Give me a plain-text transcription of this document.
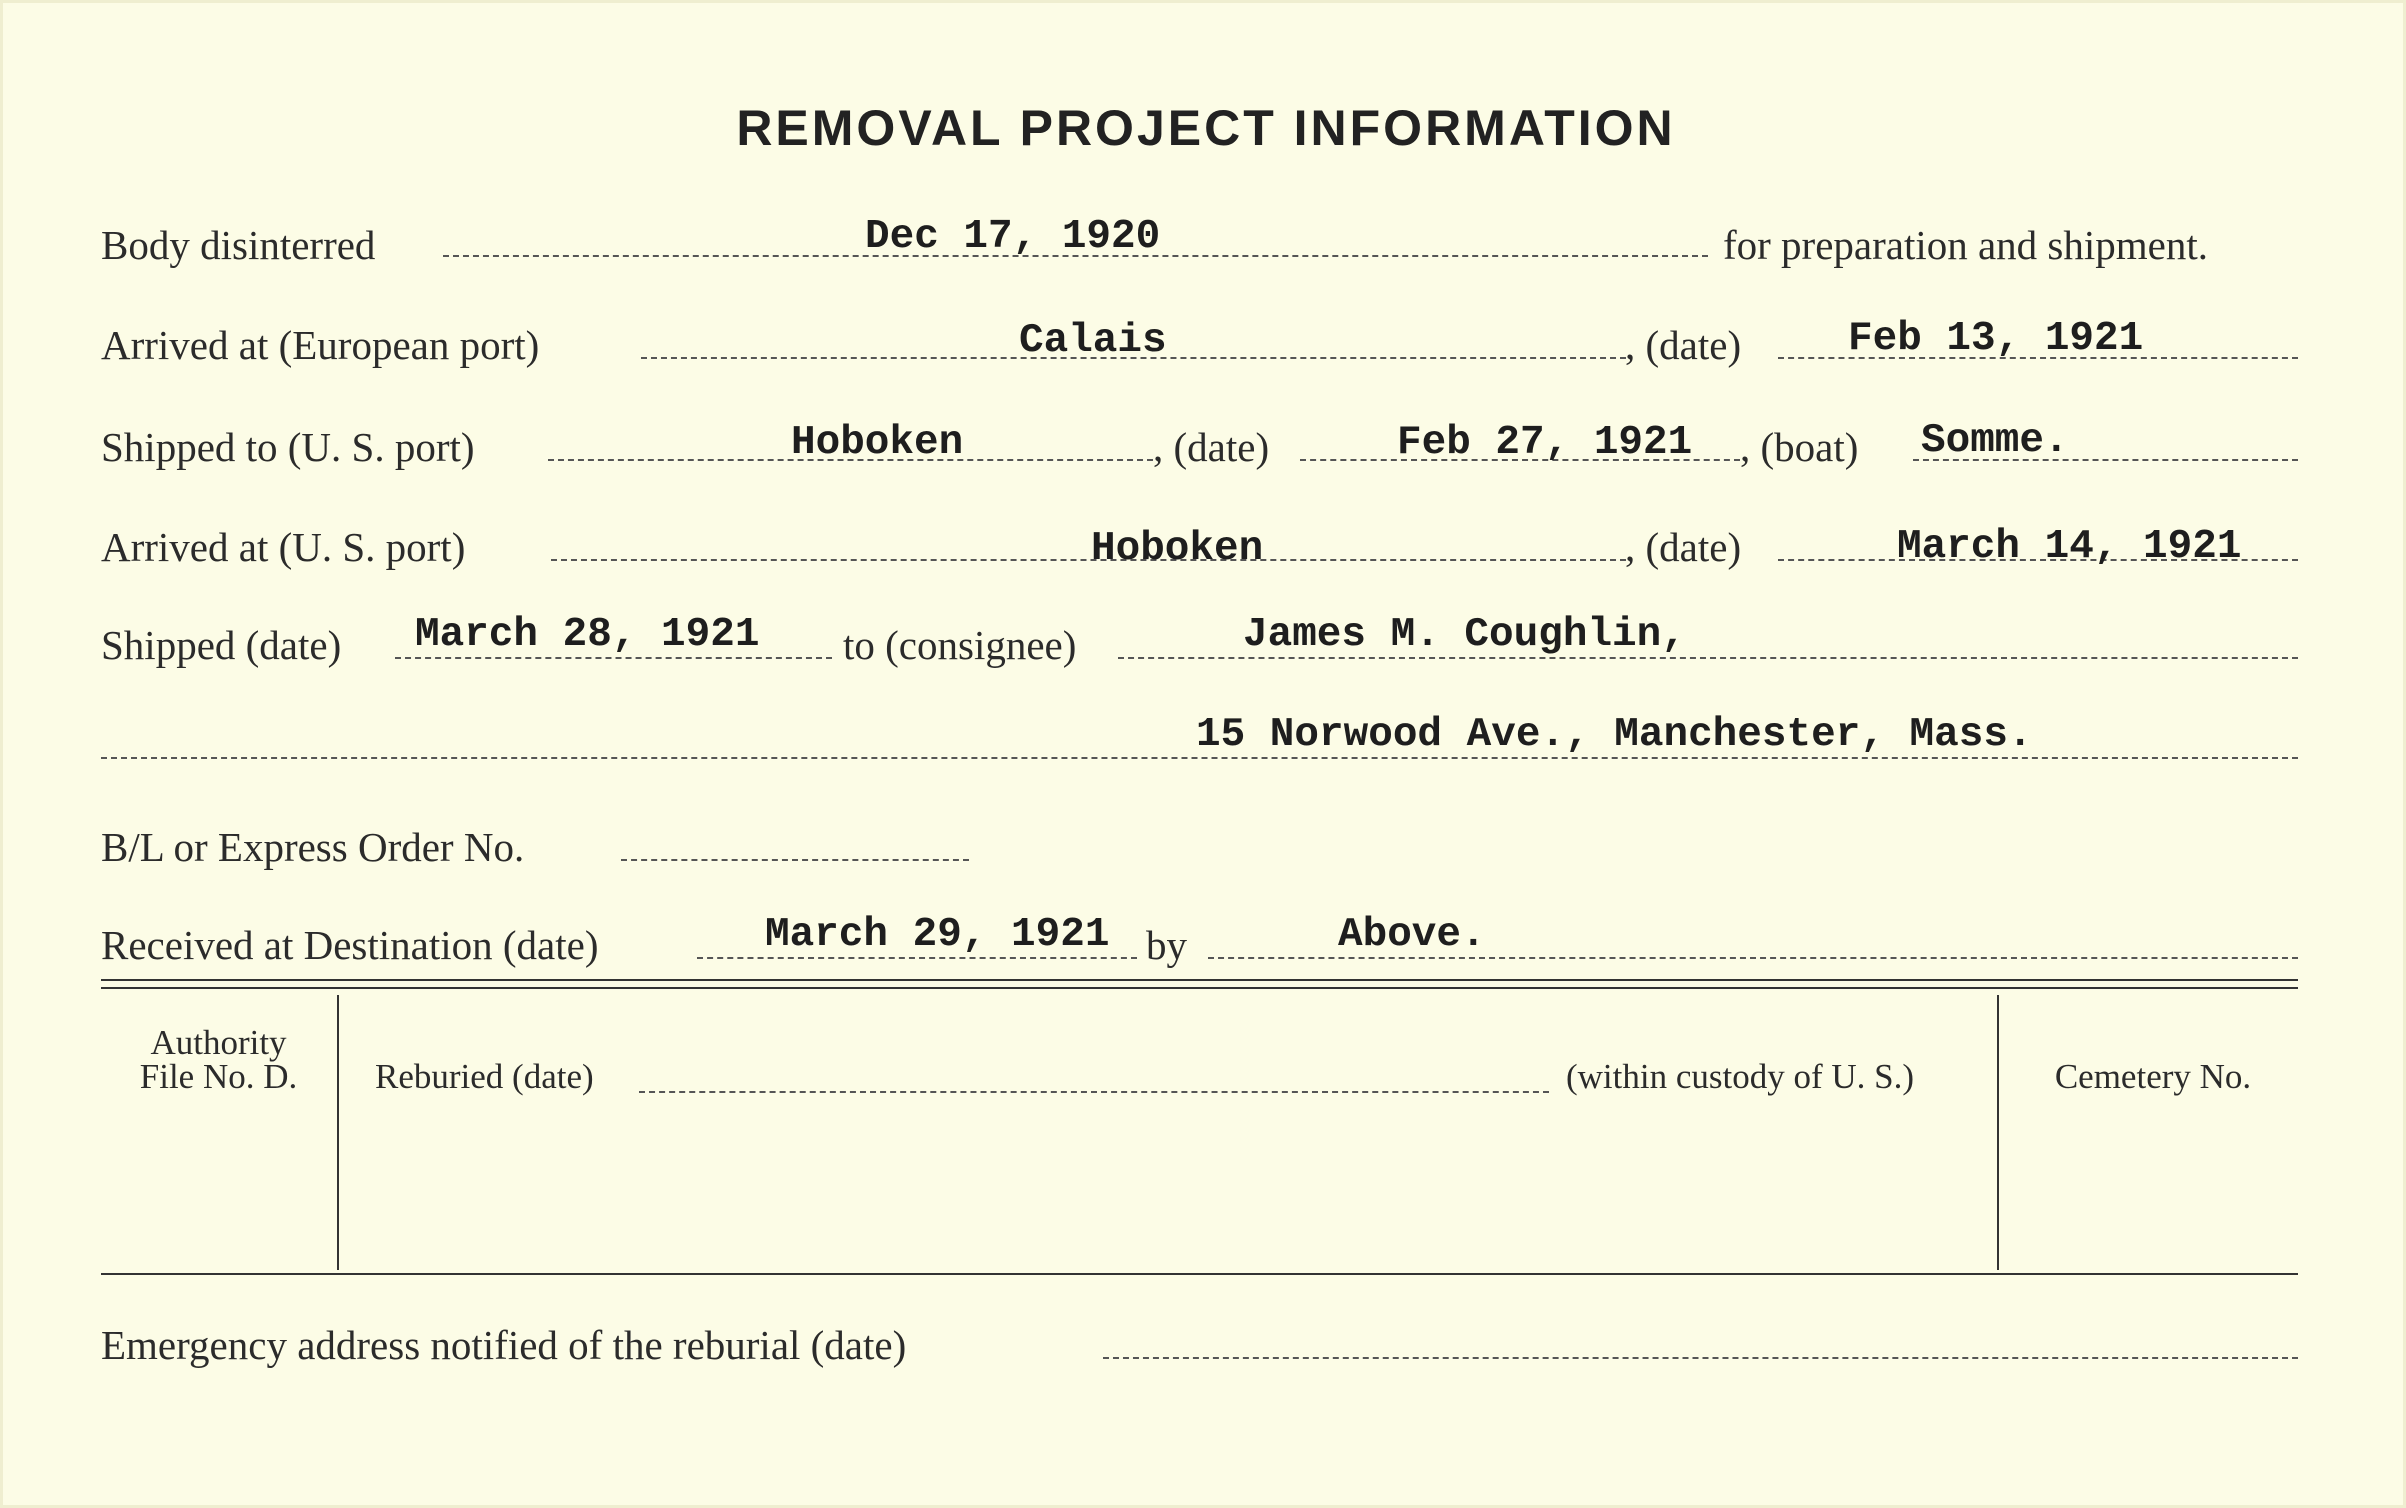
REMOVAL PROJECT INFORMATION
Body disinterred	Dec 17, 1920	for preparation and shipment.
Arrived at (European port)	Calais	, (date)	Feb 13, 1921
Shipped to (U. S. port)	Hoboken	, (date)	Feb 27, 1921 , (boat) Somme.
Arrived at (U. S. port)	Hoboken	, (date)	March 14, 1921
Shipped (date) March 28, 1921 to (consignee)	James M. Coughlin,
15 Norwood Ave., Manchester, Mass.
B/L or Express Order No.
Received at Destination (date)	March 29, 1921 by	Above.
Authority
File No. D.	Reburied (date)	(within custody of U. S.)	Cemetery No.
Emergency address notified of the reburial (date)
